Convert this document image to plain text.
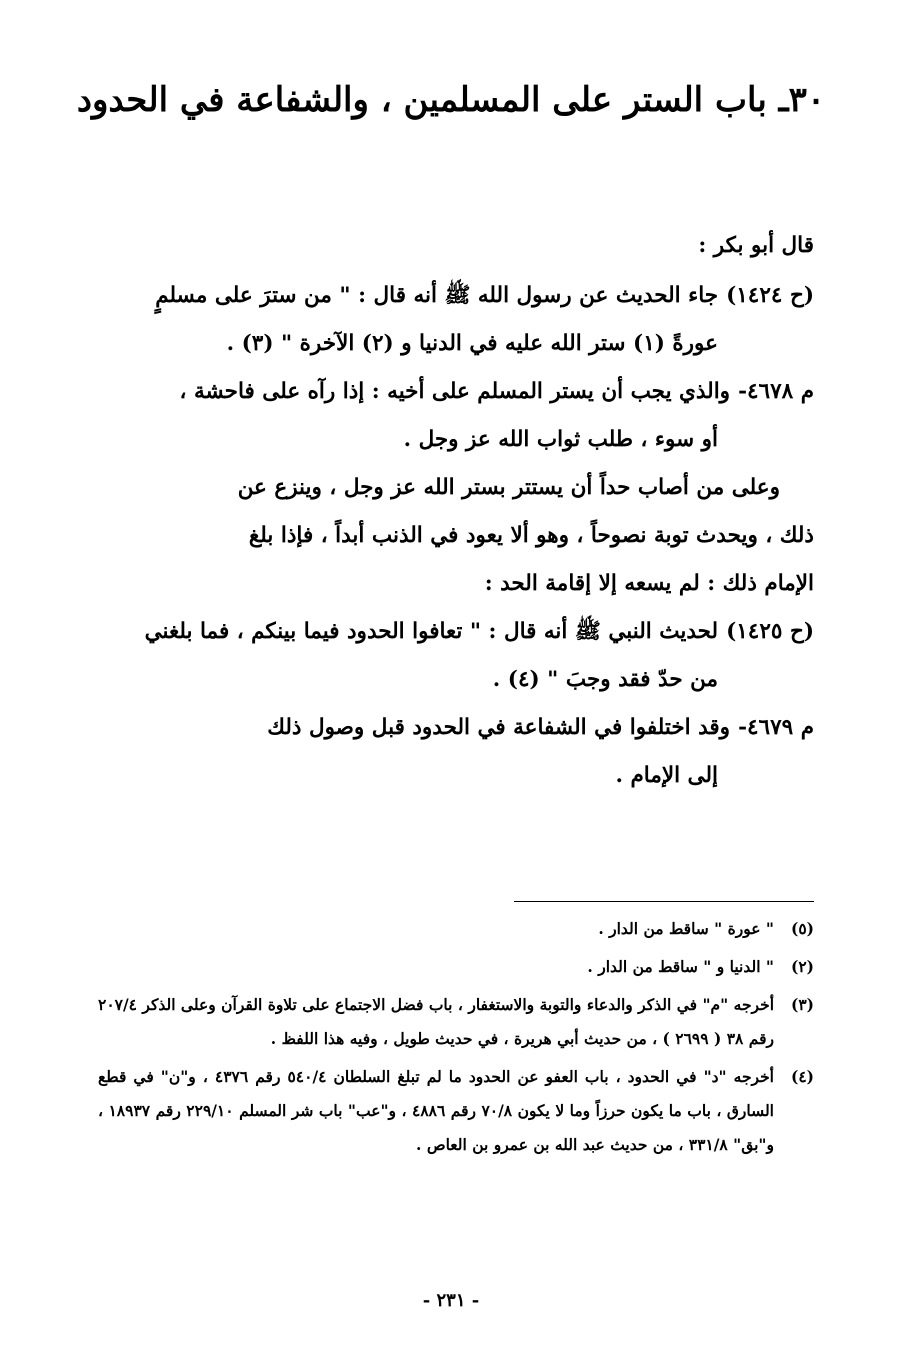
٣٠ـ باب الستر على المسلمين ، والشفاعة في الحدود

قال أبو بكر :

(ح ١٤٢٤)جاء الحديث عن رسول الله ﷺ أنه قال : " من سترَ على مسلمٍ

عورةً (١) ستر الله عليه في الدنيا و (٢) الآخرة " (٣) .

م ٤٦٧٨-والذي يجب أن يستر المسلم على أخيه : إذا رآه على فاحشة ،

أو سوء ، طلب ثواب الله عز وجل .

وعلى من أصاب حداً أن يستتر بستر الله عز وجل ، وينزع عن

ذلك ، ويحدث توبة نصوحاً ، وهو ألا يعود في الذنب أبداً ، فإذا بلغ

الإمام ذلك : لم يسعه إلا إقامة الحد :

(ح ١٤٢٥)لحديث النبي ﷺ أنه قال : " تعافوا الحدود فيما بينكم ، فما بلغني

من حدّ فقد وجبَ " (٤) .

م ٤٦٧٩-وقد اختلفوا في الشفاعة في الحدود قبل وصول ذلك

إلى الإمام .

(٥)
" عورة " ساقط من الدار .
(٢)
" الدنيا و " ساقط من الدار .
(٣)
أخرجه "م" في الذكر والدعاء والتوبة والاستغفار ، باب فضل الاجتماع على تلاوة القرآن وعلى الذكر ٢٠٧/٤ رقم ٣٨ ( ٢٦٩٩ ) ، من حديث أبي هريرة ، في حديث طويل ، وفيه هذا اللفظ .
(٤)
أخرجه "د" في الحدود ، باب العفو عن الحدود ما لم تبلغ السلطان ٥٤٠/٤ رقم ٤٣٧٦ ، و"ن" في قطع السارق ، باب ما يكون حرزاً وما لا يكون ٧٠/٨ رقم ٤٨٨٦ ، و"عب" باب شر المسلم ٢٢٩/١٠ رقم ١٨٩٣٧ ، و"بق" ٣٣١/٨ ، من حديث عبد الله بن عمرو بن العاص .
- ٢٣١ -
